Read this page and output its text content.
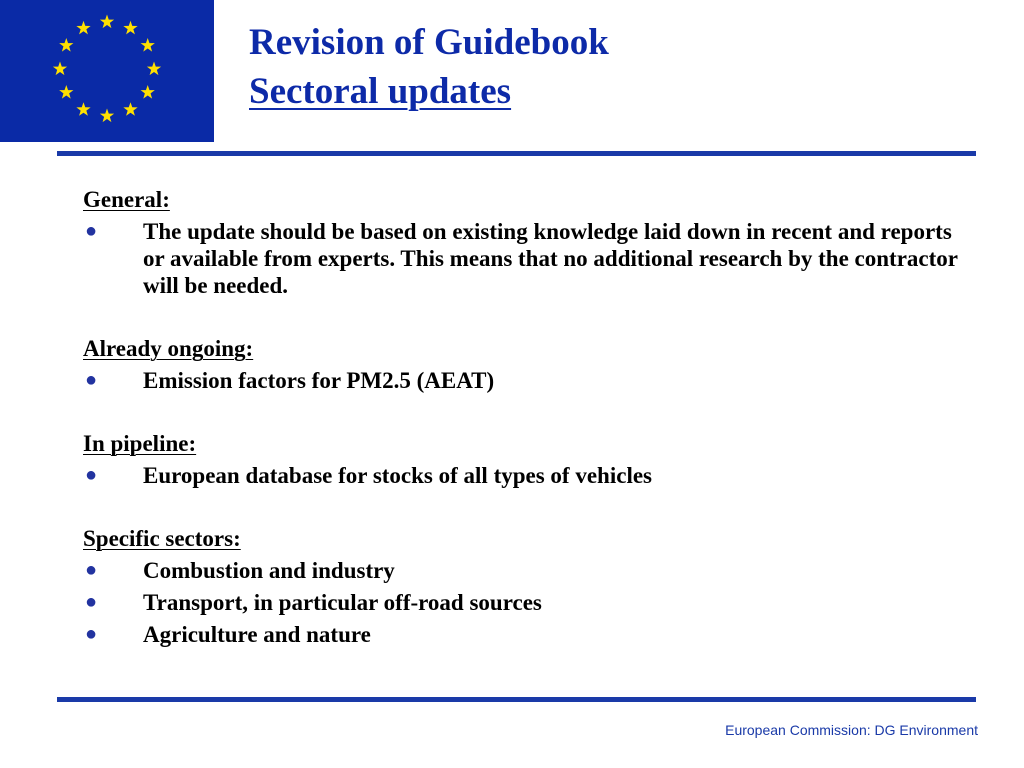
Revision of Guidebook
Sectoral updates
General:
● The update should be based on existing knowledge laid down in recent and reports or available from experts. This means that no additional research by the contractor will be needed.
Already ongoing:
● Emission factors for PM2.5 (AEAT)
In pipeline:
● European database for stocks of all types of vehicles
Specific sectors:
● Combustion and industry
● Transport, in particular off-road sources
● Agriculture and nature
European Commission: DG Environment
